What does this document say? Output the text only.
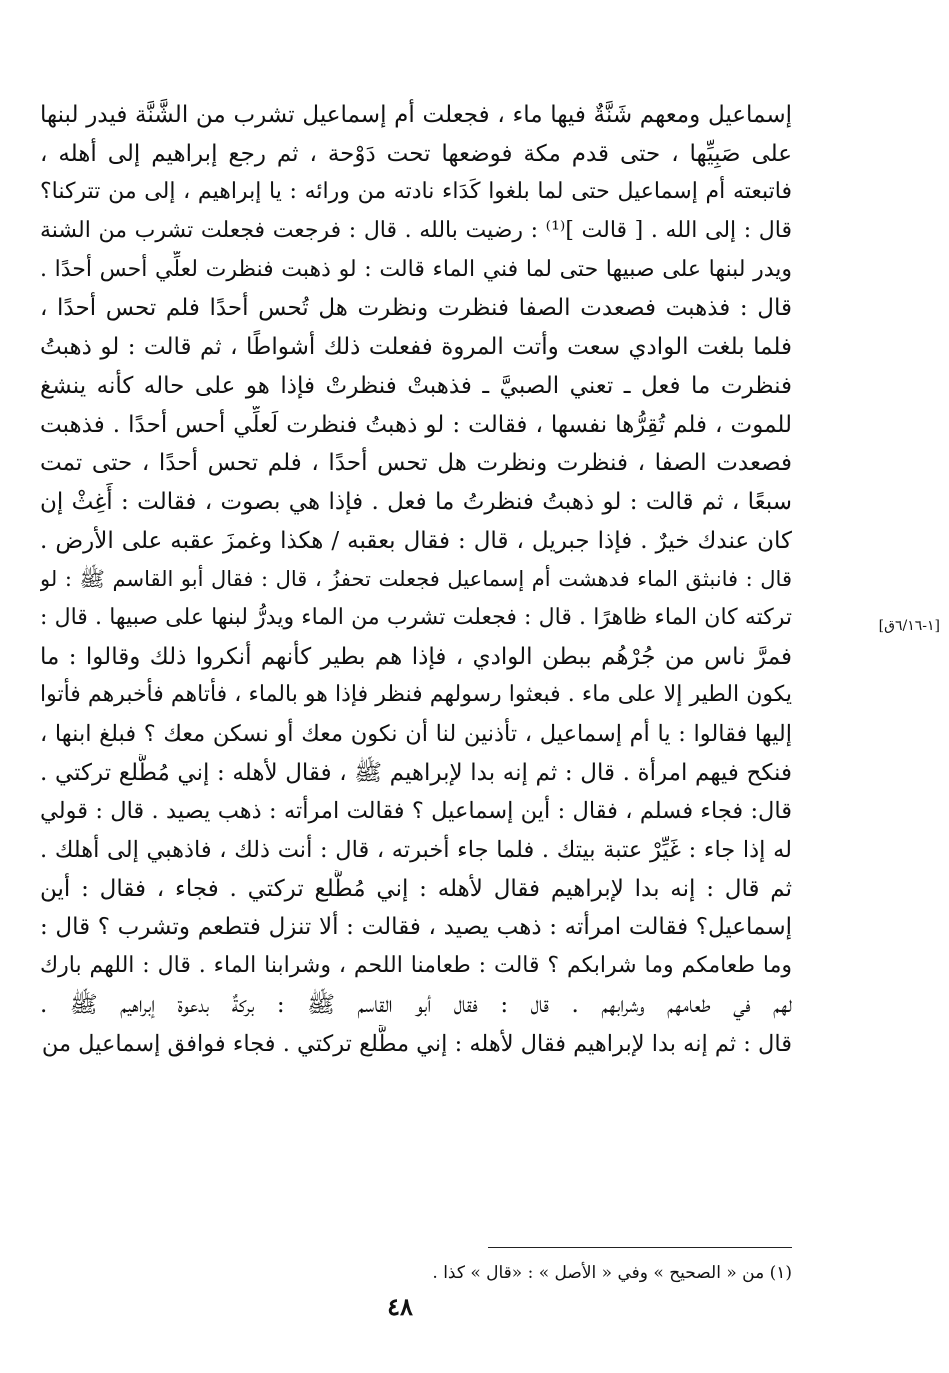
إسماعيل ومعهم شَنَّةٌ فيها ماء ، فجعلت أم إسماعيل تشرب من الشَّنَّة فيدر لبنها
على صَبِيِّها ، حتى قدم مكة فوضعها تحت دَوْحة ، ثم رجع إبراهيم إلى أهله ،
فاتبعته أم إسماعيل حتى لما بلغوا كَدَاء نادته من ورائه : يا إبراهيم ، إلى من تتركنا؟
قال : إلى الله . [ قالت ]⁽¹⁾ : رضيت بالله . قال : فرجعت فجعلت تشرب من الشنة
ويدر لبنها على صبيها حتى لما فني الماء قالت : لو ذهبت فنظرت لعلِّي أحس أحدًا .
قال : فذهبت فصعدت الصفا فنظرت ونظرت هل تُحس أحدًا فلم تحس أحدًا ،
فلما بلغت الوادي سعت وأتت المروة ففعلت ذلك أشواطًا ، ثم قالت : لو ذهبتُ
فنظرت ما فعل ـ تعني الصبيَّ ـ فذهبتْ فنظرتْ فإذا هو على حاله كأنه ينشغ
للموت ، فلم تُقِرُّها نفسها ، فقالت : لو ذهبتُ فنظرت لَعلِّي أحس أحدًا . فذهبت
فصعدت الصفا ، فنظرت ونظرت هل تحس أحدًا ، فلم تحس أحدًا ، حتى تمت
سبعًا ، ثم قالت : لو ذهبتُ فنظرتُ ما فعل . فإذا هي بصوت ، فقالت : أَغِثْ إن
كان عندك خيرٌ . فإذا جبريل ، قال : فقال بعقبه / هكذا وغمزَ عقبه على الأرض .
قال : فانبثق الماء فدهشت أم إسماعيل فجعلت تحفزُ ، قال : فقال أبو القاسم ﷺ : لو
تركته كان الماء ظاهرًا . قال : فجعلت تشرب من الماء ويدرُّ لبنها على صبيها . قال :
فمرَّ ناس من جُرْهُم ببطن الوادي ، فإذا هم بطير كأنهم أنكروا ذلك وقالوا : ما
يكون الطير إلا على ماء . فبعثوا رسولهم فنظر فإذا هو بالماء ، فأتاهم فأخبرهم فأتوا
إليها فقالوا : يا أم إسماعيل ، تأذنين لنا أن نكون معك أو نسكن معك ؟ فبلغ ابنها ،
فنكح فيهم امرأة . قال : ثم إنه بدا لإبراهيم ﷺ ، فقال لأهله : إني مُطَّلع تركتي .
قال: فجاء فسلم ، فقال : أين إسماعيل ؟ فقالت امرأته : ذهب يصيد . قال : قولي
له إذا جاء : غَيِّرْ عتبة بيتك . فلما جاء أخبرته ، قال : أنت ذلك ، فاذهبي إلى أهلك .
ثم قال : إنه بدا لإبراهيم فقال لأهله : إني مُطَّلع تركتي . فجاء ، فقال : أين
إسماعيل؟ فقالت امرأته : ذهب يصيد ، فقالت : ألا تنزل فتطعم وتشرب ؟ قال :
وما طعامكم وما شرابكم ؟ قالت : طعامنا اللحم ، وشرابنا الماء . قال : اللهم بارك
لهم في طعامهم وشرابهم . قال : فقال أبو القاسم ﷺ : بركةٌ بدعوة إبراهيم ﷺ .
قال : ثم إنه بدا لإبراهيم فقال لأهله : إني مطَّلع تركتي . فجاء فوافق إسماعيل من
[١-٦/١٦ق]
(١) من « الصحيح » وفي « الأصل » : «قال » كذا .
٤٨
